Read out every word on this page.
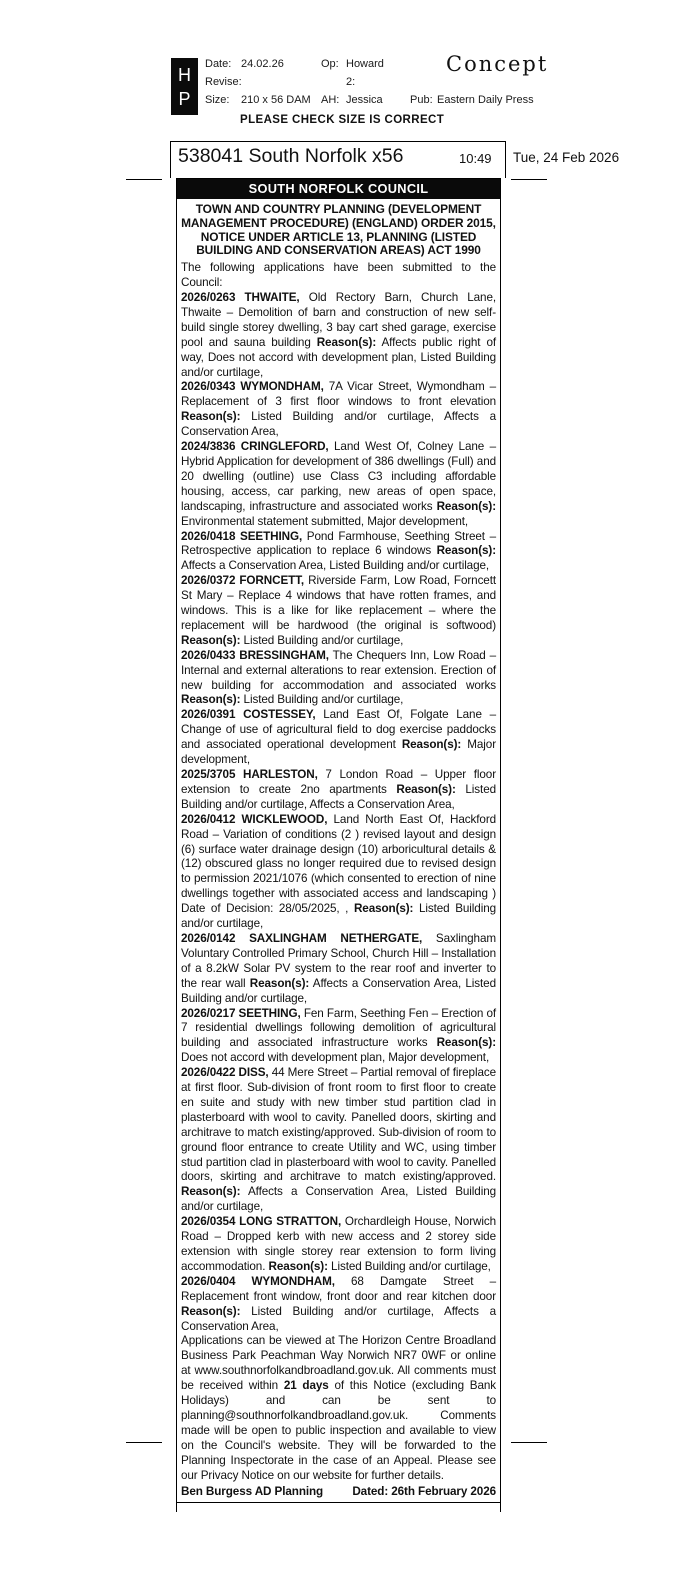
H
P
Date: 24.02.26	Op: Howard	Concept
Revise:	2:
Size: 210 x 56 DAM AH: Jessica Pub: Eastern Daily Press
PLEASE CHECK SIZE IS CORRECT
538041 South Norfolk x56	10:49 Tue, 24 Feb 2026
SOUTH NORFOLK COUNCIL

TOWN AND COUNTRY PLANNING (DEVELOPMENT MANAGEMENT PROCEDURE) (ENGLAND) ORDER 2015, NOTICE UNDER ARTICLE 13, PLANNING (LISTED BUILDING AND CONSERVATION AREAS) ACT 1990

The following applications have been submitted to the Council:

2026/0263 THWAITE, Old Rectory Barn, Church Lane, Thwaite – Demolition of barn and construction of new self-build single storey dwelling, 3 bay cart shed garage, exercise pool and sauna building Reason(s): Affects public right of way, Does not accord with development plan, Listed Building and/or curtilage,

2026/0343 WYMONDHAM, 7A Vicar Street, Wymondham – Replacement of 3 first floor windows to front elevation Reason(s): Listed Building and/or curtilage, Affects a Conservation Area,

2024/3836 CRINGLEFORD, Land West Of, Colney Lane – Hybrid Application for development of 386 dwellings (Full) and 20 dwelling (outline) use Class C3 including affordable housing, access, car parking, new areas of open space, landscaping, infrastructure and associated works Reason(s): Environmental statement submitted, Major development,

2026/0418 SEETHING, Pond Farmhouse, Seething Street – Retrospective application to replace 6 windows Reason(s): Affects a Conservation Area, Listed Building and/or curtilage,

2026/0372 FORNCETT, Riverside Farm, Low Road, Forncett St Mary – Replace 4 windows that have rotten frames, and windows. This is a like for like replacement – where the replacement will be hardwood (the original is softwood) Reason(s): Listed Building and/or curtilage,

2026/0433 BRESSINGHAM, The Chequers Inn, Low Road – Internal and external alterations to rear extension. Erection of new building for accommodation and associated works Reason(s): Listed Building and/or curtilage,

2026/0391 COSTESSEY, Land East Of, Folgate Lane – Change of use of agricultural field to dog exercise paddocks and associated operational development Reason(s): Major development,

2025/3705 HARLESTON, 7 London Road – Upper floor extension to create 2no apartments Reason(s): Listed Building and/or curtilage, Affects a Conservation Area,

2026/0412 WICKLEWOOD, Land North East Of, Hackford Road – Variation of conditions (2 ) revised layout and design (6) surface water drainage design (10) arboricultural details & (12) obscured glass no longer required due to revised design to permission 2021/1076 (which consented to erection of nine dwellings together with associated access and landscaping ) Date of Decision: 28/05/2025, , Reason(s): Listed Building and/or curtilage,

2026/0142 SAXLINGHAM NETHERGATE, Saxlingham Voluntary Controlled Primary School, Church Hill – Installation of a 8.2kW Solar PV system to the rear roof and inverter to the rear wall Reason(s): Affects a Conservation Area, Listed Building and/or curtilage,

2026/0217 SEETHING, Fen Farm, Seething Fen – Erection of 7 residential dwellings following demolition of agricultural building and associated infrastructure works Reason(s): Does not accord with development plan, Major development,

2026/0422 DISS, 44 Mere Street – Partial removal of fireplace at first floor. Sub-division of front room to first floor to create en suite and study with new timber stud partition clad in plasterboard with wool to cavity. Panelled doors, skirting and architrave to match existing/approved. Sub-division of room to ground floor entrance to create Utility and WC, using timber stud partition clad in plasterboard with wool to cavity. Panelled doors, skirting and architrave to match existing/approved. Reason(s): Affects a Conservation Area, Listed Building and/or curtilage,

2026/0354 LONG STRATTON, Orchardleigh House, Norwich Road – Dropped kerb with new access and 2 storey side extension with single storey rear extension to form living accommodation. Reason(s): Listed Building and/or curtilage,

2026/0404 WYMONDHAM, 68 Damgate Street – Replacement front window, front door and rear kitchen door Reason(s): Listed Building and/or curtilage, Affects a Conservation Area,

Applications can be viewed at The Horizon Centre Broadland Business Park Peachman Way Norwich NR7 0WF or online at www.southnorfolkandbroadland.gov.uk. All comments must be received within 21 days of this Notice (excluding Bank Holidays) and can be sent to planning@southnorfolkandbroadland.gov.uk. Comments made will be open to public inspection and available to view on the Council's website. They will be forwarded to the Planning Inspectorate in the case of an Appeal. Please see our Privacy Notice on our website for further details.

Ben Burgess AD Planning	Dated: 26th February 2026
